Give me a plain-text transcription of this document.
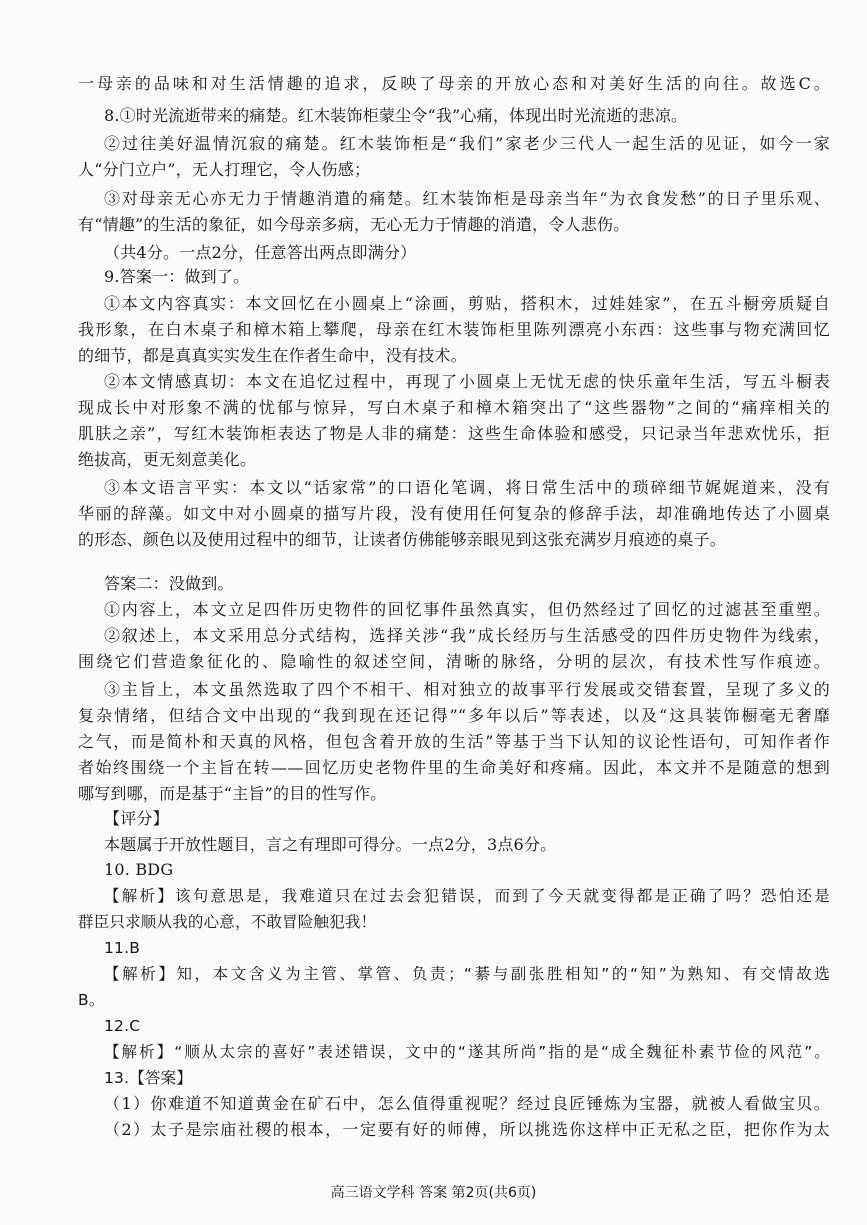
一母亲的品味和对生活情趣的追求，反映了母亲的开放心态和对美好生活的向往。故选C。
8.①时光流逝带来的痛楚。红木装饰柜蒙尘令“我”心痛，体现出时光流逝的悲凉。
②过往美好温情沉寂的痛楚。红木装饰柜是“我们”家老少三代人一起生活的见证，如今一家
人“分门立户”，无人打理它，令人伤感；
③对母亲无心亦无力于情趣消遣的痛楚。红木装饰柜是母亲当年“为衣食发愁”的日子里乐观、
有“情趣”的生活的象征，如今母亲多病，无心无力于情趣的消遣，令人悲伤。
（共4分。一点2分，任意答出两点即满分）
9.答案一：做到了。
①本文内容真实：本文回忆在小圆桌上“涂画，剪贴，搭积木，过娃娃家”，在五斗橱旁质疑自
我形象，在白木桌子和樟木箱上攀爬，母亲在红木装饰柜里陈列漂亮小东西：这些事与物充满回忆
的细节，都是真真实实发生在作者生命中，没有技术。
②本文情感真切：本文在追忆过程中，再现了小圆桌上无忧无虑的快乐童年生活，写五斗橱表
现成长中对形象不满的忧郁与惊异，写白木桌子和樟木箱突出了“这些器物”之间的“痛痒相关的
肌肤之亲”，写红木装饰柜表达了物是人非的痛楚：这些生命体验和感受，只记录当年悲欢忧乐，拒
绝拔高，更无刻意美化。
③本文语言平实：本文以“话家常”的口语化笔调，将日常生活中的琐碎细节娓娓道来，没有
华丽的辞藻。如文中对小圆桌的描写片段，没有使用任何复杂的修辞手法，却准确地传达了小圆桌
的形态、颜色以及使用过程中的细节，让读者仿佛能够亲眼见到这张充满岁月痕迹的桌子。
答案二：没做到。
①内容上，本文立足四件历史物件的回忆事件虽然真实，但仍然经过了回忆的过滤甚至重塑。
②叙述上，本文采用总分式结构，选择关涉“我”成长经历与生活感受的四件历史物件为线索，
围绕它们营造象征化的、隐喻性的叙述空间，清晰的脉络，分明的层次，有技术性写作痕迹。
③主旨上，本文虽然选取了四个不相干、相对独立的故事平行发展或交错套置，呈现了多义的
复杂情绪，但结合文中出现的“我到现在还记得”“多年以后”等表述，以及“这具装饰橱毫无奢靡
之气，而是简朴和天真的风格，但包含着开放的生活”等基于当下认知的议论性语句，可知作者作
者始终围绕一个主旨在转——回忆历史老物件里的生命美好和疼痛。因此，本文并不是随意的想到
哪写到哪，而是基于“主旨”的目的性写作。
【评分】
本题属于开放性题目，言之有理即可得分。一点2分，3点6分。
10. BDG
【解析】该句意思是，我难道只在过去会犯错误，而到了今天就变得都是正确了吗？恐怕还是
群臣只求顺从我的心意，不敢冒险触犯我！
11.B
【解析】知，本文含义为主管、掌管、负责；“綦与副张胜相知”的“知”为熟知、有交情故选
B。
12.C
【解析】“顺从太宗的喜好”表述错误，文中的“遂其所尚”指的是“成全魏征朴素节俭的风范”。
13.【答案】
（1）你难道不知道黄金在矿石中，怎么值得重视呢？经过良匠锤炼为宝器，就被人看做宝贝。
（2）太子是宗庙社稷的根本，一定要有好的师傅，所以挑选你这样中正无私之臣，把你作为太
高三语文学科 答案 第2页(共6页)
